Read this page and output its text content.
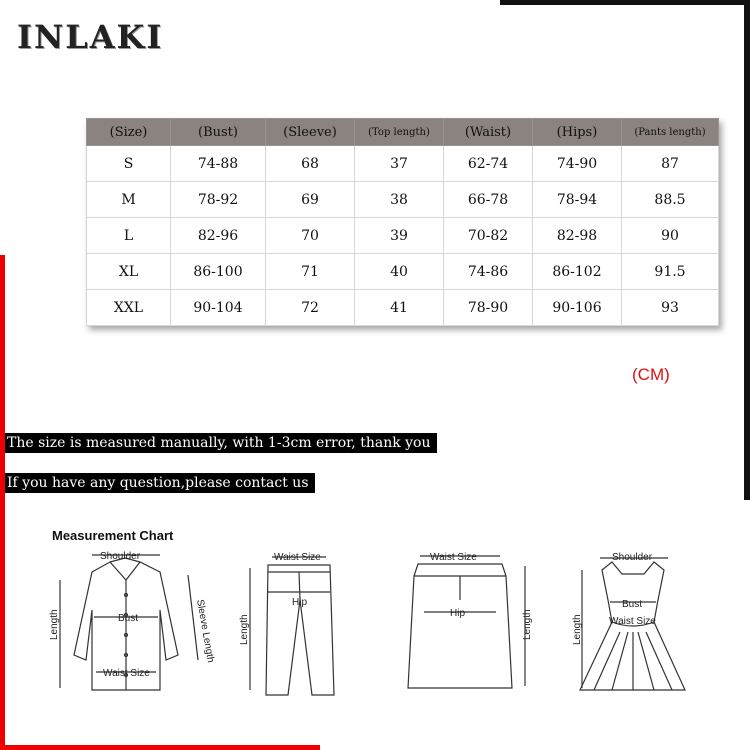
INLAKI
(Size)	(Bust)	(Sleeve)	(Top length)	(Waist)	(Hips)	(Pants length)
S	74-88	68	37	62-74	74-90	87
M	78-92	69	38	66-78	78-94	88.5
L	82-96	70	39	70-82	82-98	90
XL	86-100	71	40	74-86	86-102	91.5
XXL	90-104	72	41	78-90	90-106	93
(CM)
The size is measured manually, with 1-3cm error, thank you
If you have any question,please contact us
Measurement Chart
Shoulder
Bust
Waist Size
Length	Sleeve Length
Waist Size
Hip
Length
Waist Size
Hip	Length
Shoulder
Bust
Waist Size
Length
